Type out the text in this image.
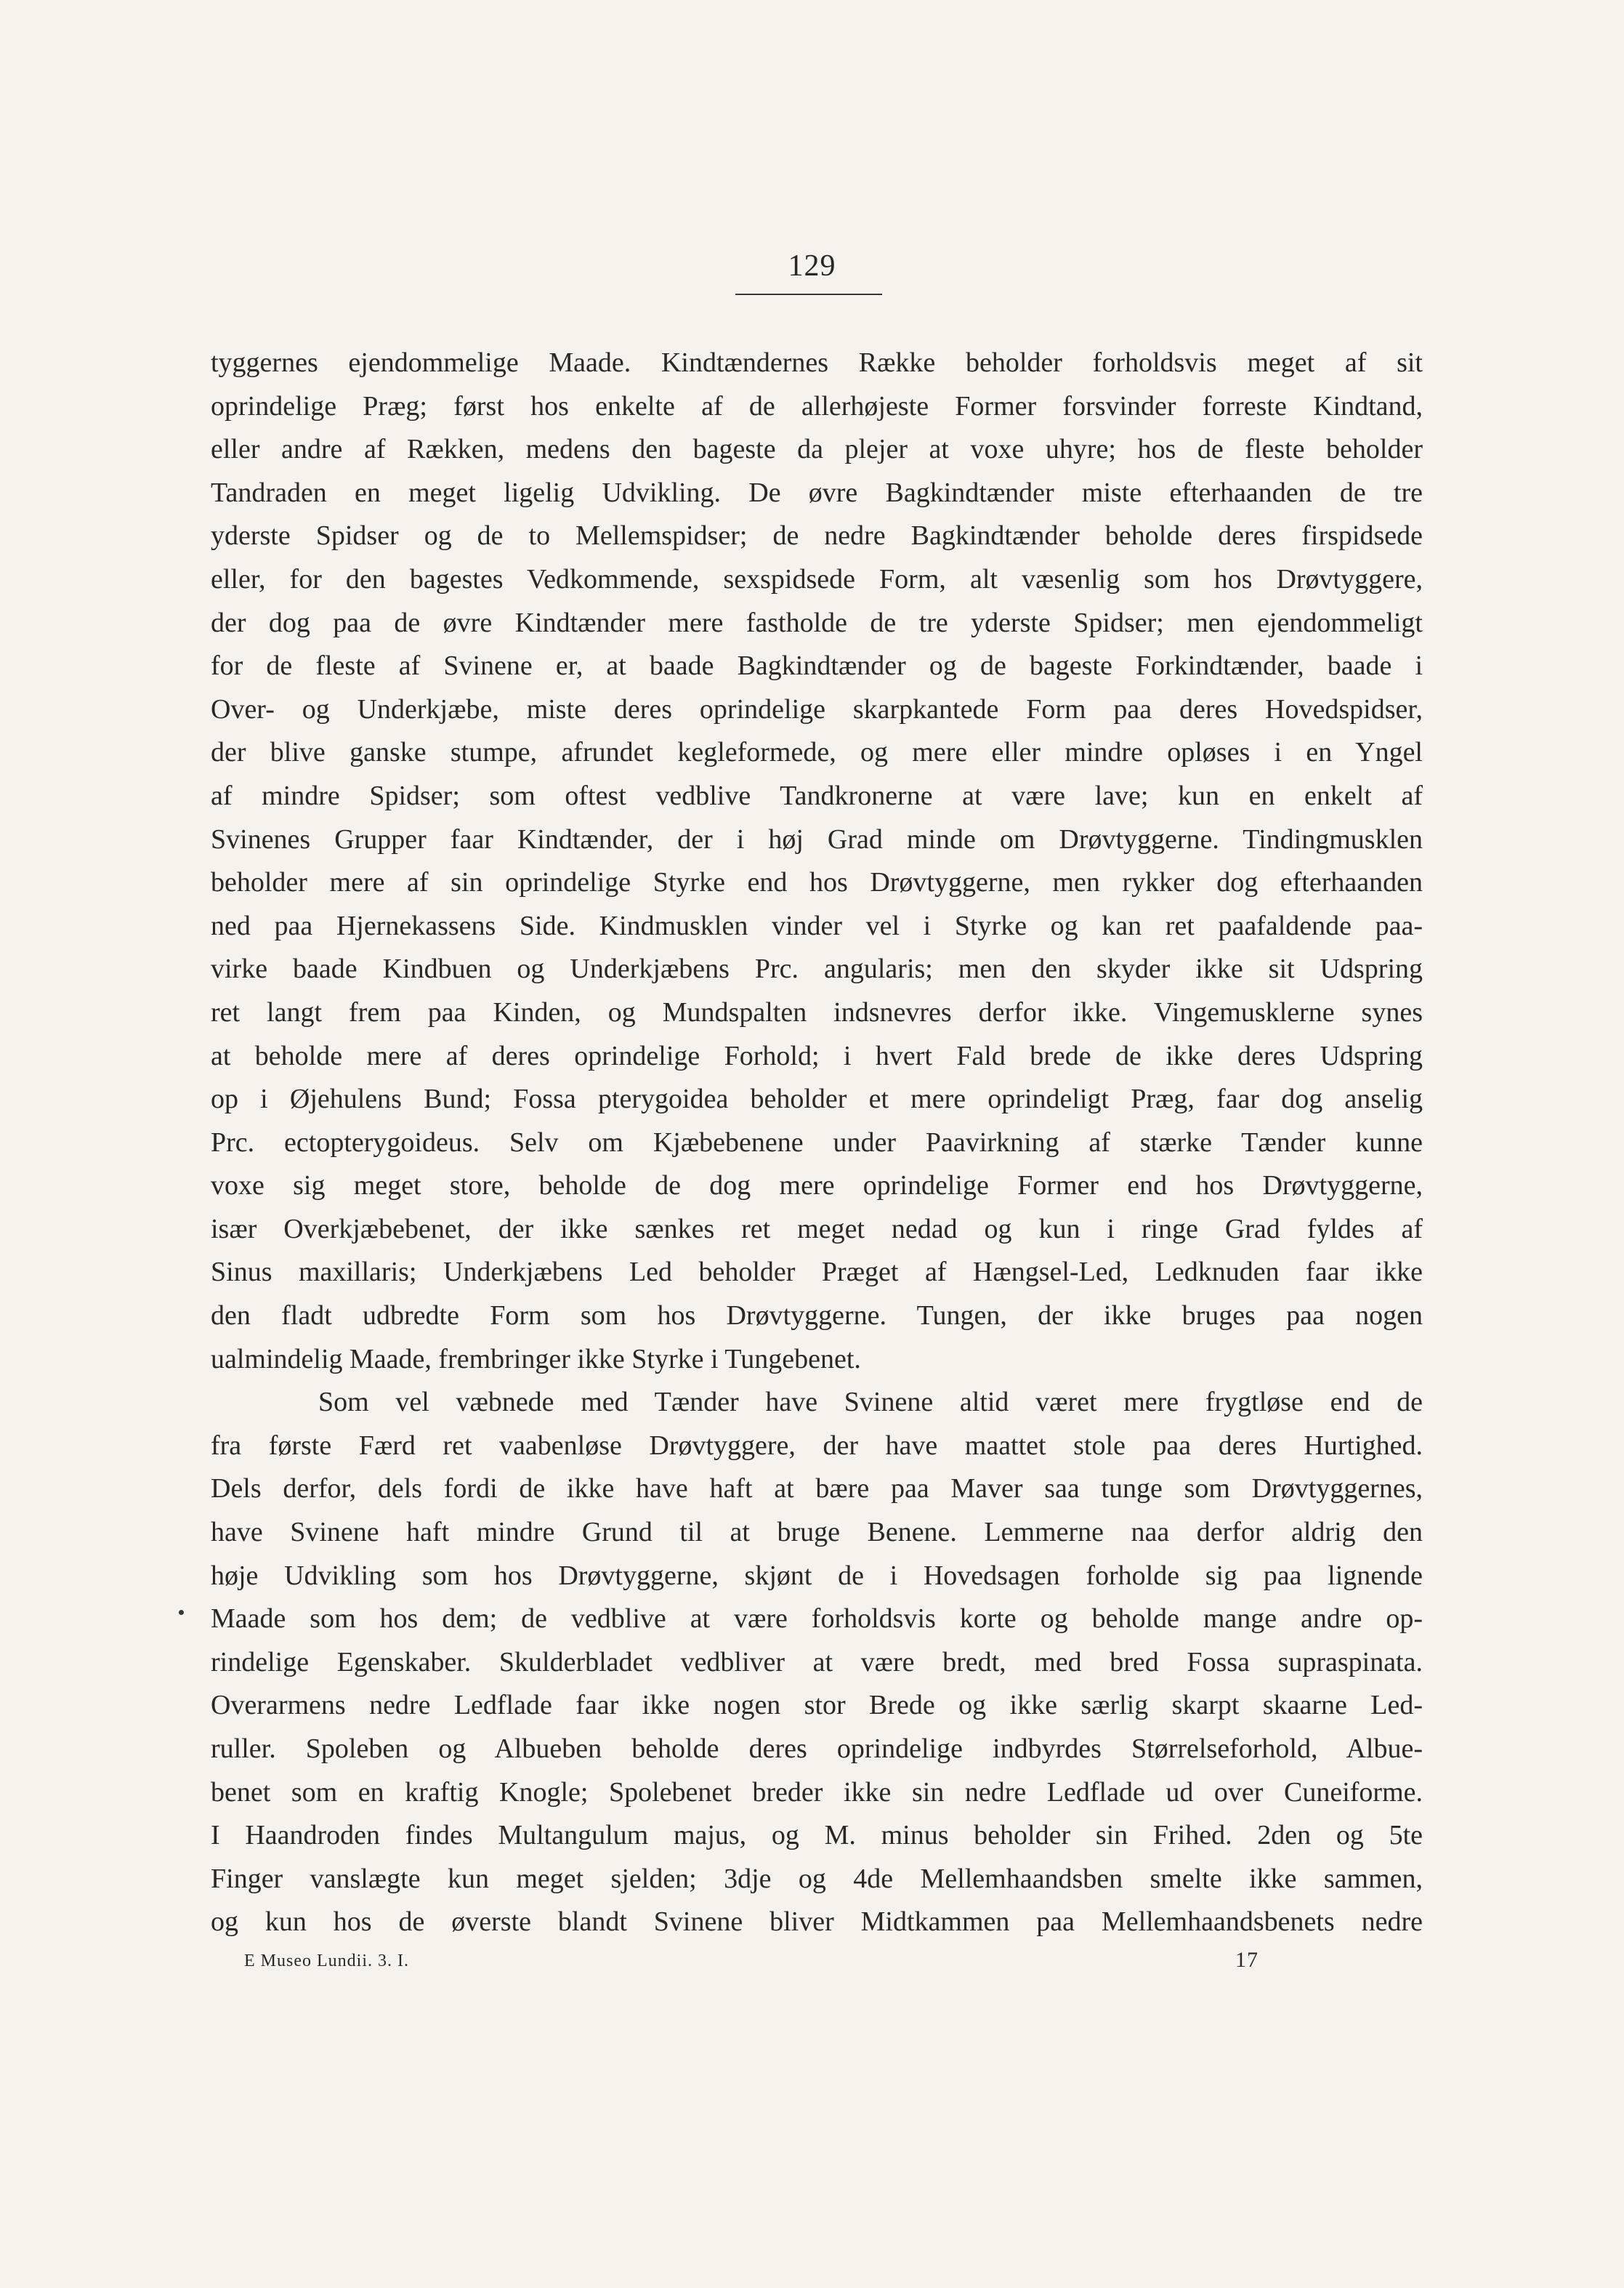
129
tyggernes ejendommelige Maade. Kindtændernes Række beholder forholdsvis meget af sit
oprindelige Præg; først hos enkelte af de allerhøjeste Former forsvinder forreste Kindtand,
eller andre af Rækken, medens den bageste da plejer at voxe uhyre; hos de fleste beholder
Tandraden en meget ligelig Udvikling. De øvre Bagkindtænder miste efterhaanden de tre
yderste Spidser og de to Mellemspidser; de nedre Bagkindtænder beholde deres firspidsede
eller, for den bagestes Vedkommende, sexspidsede Form, alt væsenlig som hos Drøvtyggere,
der dog paa de øvre Kindtænder mere fastholde de tre yderste Spidser; men ejendommeligt
for de fleste af Svinene er, at baade Bagkindtænder og de bageste Forkindtænder, baade i
Over- og Underkjæbe, miste deres oprindelige skarpkantede Form paa deres Hovedspidser,
der blive ganske stumpe, afrundet kegleformede, og mere eller mindre opløses i en Yngel
af mindre Spidser; som oftest vedblive Tandkronerne at være lave; kun en enkelt af
Svinenes Grupper faar Kindtænder, der i høj Grad minde om Drøvtyggerne. Tindingmusklen
beholder mere af sin oprindelige Styrke end hos Drøvtyggerne, men rykker dog efterhaanden
ned paa Hjernekassens Side. Kindmusklen vinder vel i Styrke og kan ret paafaldende paa-
virke baade Kindbuen og Underkjæbens Prc. angularis; men den skyder ikke sit Udspring
ret langt frem paa Kinden, og Mundspalten indsnevres derfor ikke. Vingemusklerne synes
at beholde mere af deres oprindelige Forhold; i hvert Fald brede de ikke deres Udspring
op i Øjehulens Bund; Fossa pterygoidea beholder et mere oprindeligt Præg, faar dog anselig
Prc. ectopterygoideus. Selv om Kjæbebenene under Paavirkning af stærke Tænder kunne
voxe sig meget store, beholde de dog mere oprindelige Former end hos Drøvtyggerne,
især Overkjæbebenet, der ikke sænkes ret meget nedad og kun i ringe Grad fyldes af
Sinus maxillaris; Underkjæbens Led beholder Præget af Hængsel-Led, Ledknuden faar ikke
den fladt udbredte Form som hos Drøvtyggerne. Tungen, der ikke bruges paa nogen
ualmindelig Maade, frembringer ikke Styrke i Tungebenet.
Som vel væbnede med Tænder have Svinene altid været mere frygtløse end de
fra første Færd ret vaabenløse Drøvtyggere, der have maattet stole paa deres Hurtighed.
Dels derfor, dels fordi de ikke have haft at bære paa Maver saa tunge som Drøvtyggernes,
have Svinene haft mindre Grund til at bruge Benene. Lemmerne naa derfor aldrig den
høje Udvikling som hos Drøvtyggerne, skjønt de i Hovedsagen forholde sig paa lignende
Maade som hos dem; de vedblive at være forholdsvis korte og beholde mange andre op-
rindelige Egenskaber. Skulderbladet vedbliver at være bredt, med bred Fossa supraspinata.
Overarmens nedre Ledflade faar ikke nogen stor Brede og ikke særlig skarpt skaarne Led-
ruller. Spoleben og Albueben beholde deres oprindelige indbyrdes Størrelseforhold, Albue-
benet som en kraftig Knogle; Spolebenet breder ikke sin nedre Ledflade ud over Cuneiforme.
I Haandroden findes Multangulum majus, og M. minus beholder sin Frihed. 2den og 5te
Finger vanslægte kun meget sjelden; 3dje og 4de Mellemhaandsben smelte ikke sammen,
og kun hos de øverste blandt Svinene bliver Midtkammen paa Mellemhaandsbenets nedre
E Museo Lundii. 3. I.	17
